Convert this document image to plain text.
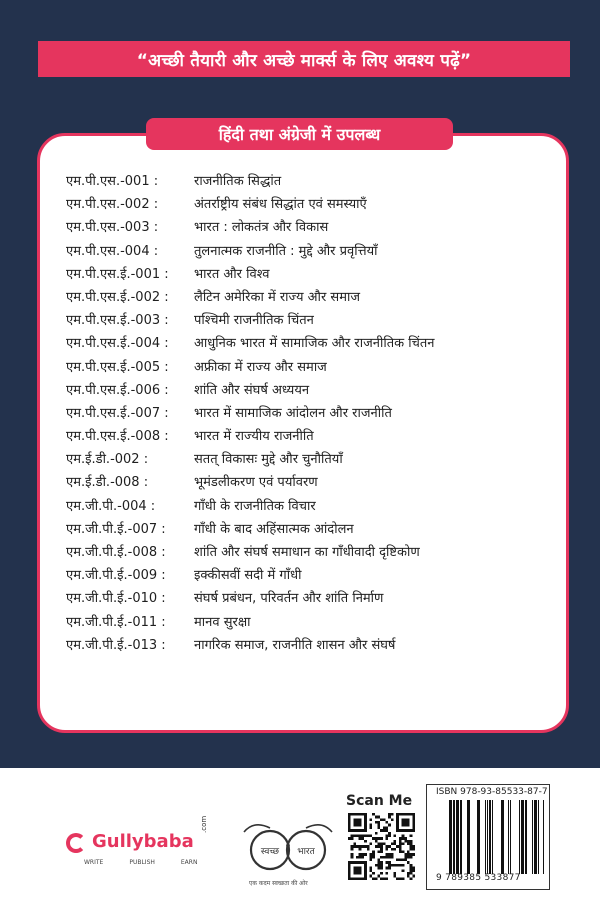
“अच्छी तैयारी और अच्छे मार्क्स के लिए अवश्य पढ़ें”
हिंदी तथा अंग्रेजी में उपलब्ध
एम.पी.एस.-001 :	राजनीतिक सिद्धांत
एम.पी.एस.-002 :	अंतर्राष्ट्रीय संबंध सिद्धांत एवं समस्याएँ
एम.पी.एस.-003 :	भारत : लोकतंत्र और विकास
एम.पी.एस.-004 :	तुलनात्मक राजनीति : मुद्दे और प्रवृत्तियाँ
एम.पी.एस.ई.-001 : भारत और विश्व
एम.पी.एस.ई.-002 : लैटिन अमेरिका में राज्य और समाज
एम.पी.एस.ई.-003 : पश्चिमी राजनीतिक चिंतन
एम.पी.एस.ई.-004 : आधुनिक भारत में सामाजिक और राजनीतिक चिंतन
एम.पी.एस.ई.-005 : अफ्रीका में राज्य और समाज
एम.पी.एस.ई.-006 : शांति और संघर्ष अध्ययन
एम.पी.एस.ई.-007 : भारत में सामाजिक आंदोलन और राजनीति
एम.पी.एस.ई.-008 : भारत में राज्यीय राजनीति
एम.ई.डी.-002 :	सतत् विकासः मुद्दे और चुनौतियाँ
एम.ई.डी.-008 :	भूमंडलीकरण एवं पर्यावरण
एम.जी.पी.-004 :	गाँधी के राजनीतिक विचार
एम.जी.पी.ई.-007 : गाँधी के बाद अहिंसात्मक आंदोलन
एम.जी.पी.ई.-008 : शांति और संघर्ष समाधान का गाँधीवादी दृष्टिकोण
एम.जी.पी.ई.-009 : इक्कीसवीं सदी में गाँधी
एम.जी.पी.ई.-010 : संघर्ष प्रबंधन, परिवर्तन और शांति निर्माण
एम.जी.पी.ई.-011 : मानव सुरक्षा
एम.जी.पी.ई.-013 : नागरिक समाज, राजनीति शासन और संघर्ष
Gullybaba
.com
WRITE	PUBLISH	EARN
स्वच्छ भारत
एक कदम स्वच्छता की ओर
Scan Me
ISBN 978-93-85533-87-7
9 789385 533877
